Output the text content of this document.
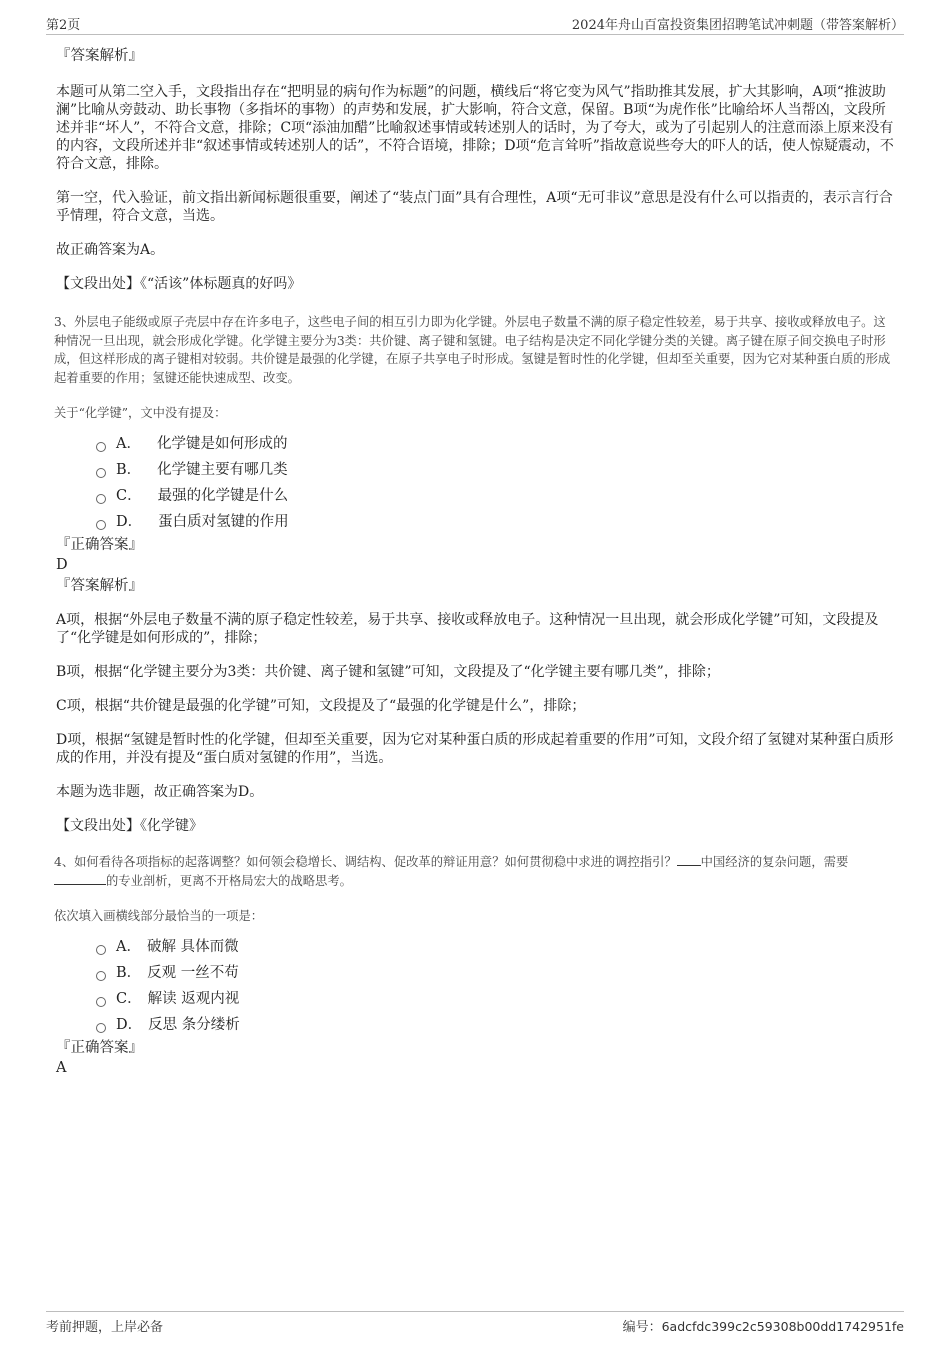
第2页	2024年舟山百富投资集团招聘笔试冲刺题（带答案解析）
『答案解析』

本题可从第二空入手，文段指出存在“把明显的病句作为标题”的问题，横线后“将它变为风气”指助推其发展，扩大其影响，A项“推波助澜”比喻从旁鼓动、助长事物（多指坏的事物）的声势和发展，扩大影响，符合文意，保留。B项“为虎作伥”比喻给坏人当帮凶，文段所述并非“坏人”，不符合文意，排除；C项“添油加醋”比喻叙述事情或转述别人的话时，为了夸大，或为了引起别人的注意而添上原来没有的内容，文段所述并非“叙述事情或转述别人的话”，不符合语境，排除；D项“危言耸听”指故意说些夸大的吓人的话，使人惊疑震动，不符合文意，排除。

第一空，代入验证，前文指出新闻标题很重要，阐述了“装点门面”具有合理性，A项“无可非议”意思是没有什么可以指责的，表示言行合乎情理，符合文意，当选。

故正确答案为A。

【文段出处】《“活该”体标题真的好吗》

3、外层电子能级或原子壳层中存在许多电子，这些电子间的相互引力即为化学键。外层电子数量不满的原子稳定性较差，易于共享、接收或释放电子。这种情况一旦出现，就会形成化学键。化学键主要分为3类：共价键、离子键和氢键。电子结构是决定不同化学键分类的关键。离子键在原子间交换电子时形成，但这样形成的离子键相对较弱。共价键是最强的化学键，在原子共享电子时形成。氢键是暂时性的化学键，但却至关重要，因为它对某种蛋白质的形成起着重要的作用；氢键还能快速成型、改变。

关于“化学键”，文中没有提及：

A． 化学键是如何形成的
B． 化学键主要有哪几类
C． 最强的化学键是什么
D． 蛋白质对氢键的作用
『正确答案』
D
『答案解析』

A项，根据“外层电子数量不满的原子稳定性较差，易于共享、接收或释放电子。这种情况一旦出现，就会形成化学键”可知，文段提及了“化学键是如何形成的”，排除；

B项，根据“化学键主要分为3类：共价键、离子键和氢键”可知，文段提及了“化学键主要有哪几类”，排除；

C项，根据“共价键是最强的化学键”可知，文段提及了“最强的化学键是什么”，排除；

D项，根据“氢键是暂时性的化学键，但却至关重要，因为它对某种蛋白质的形成起着重要的作用”可知，文段介绍了氢键对某种蛋白质形成的作用，并没有提及“蛋白质对氢键的作用”，当选。

本题为选非题，故正确答案为D。

【文段出处】《化学键》

4、如何看待各项指标的起落调整？如何领会稳增长、调结构、促改革的辩证用意？如何贯彻稳中求进的调控指引？ 中国经济的复杂问题，需要的专业剖析，更离不开格局宏大的战略思考。

依次填入画横线部分最恰当的一项是：

A． 破解 具体而微
B． 反观 一丝不苟
C． 解读 返观内视
D． 反思 条分缕析
『正确答案』
A
考前押题，上岸必备	编号：6adcfdc399c2c59308b00dd1742951fe
